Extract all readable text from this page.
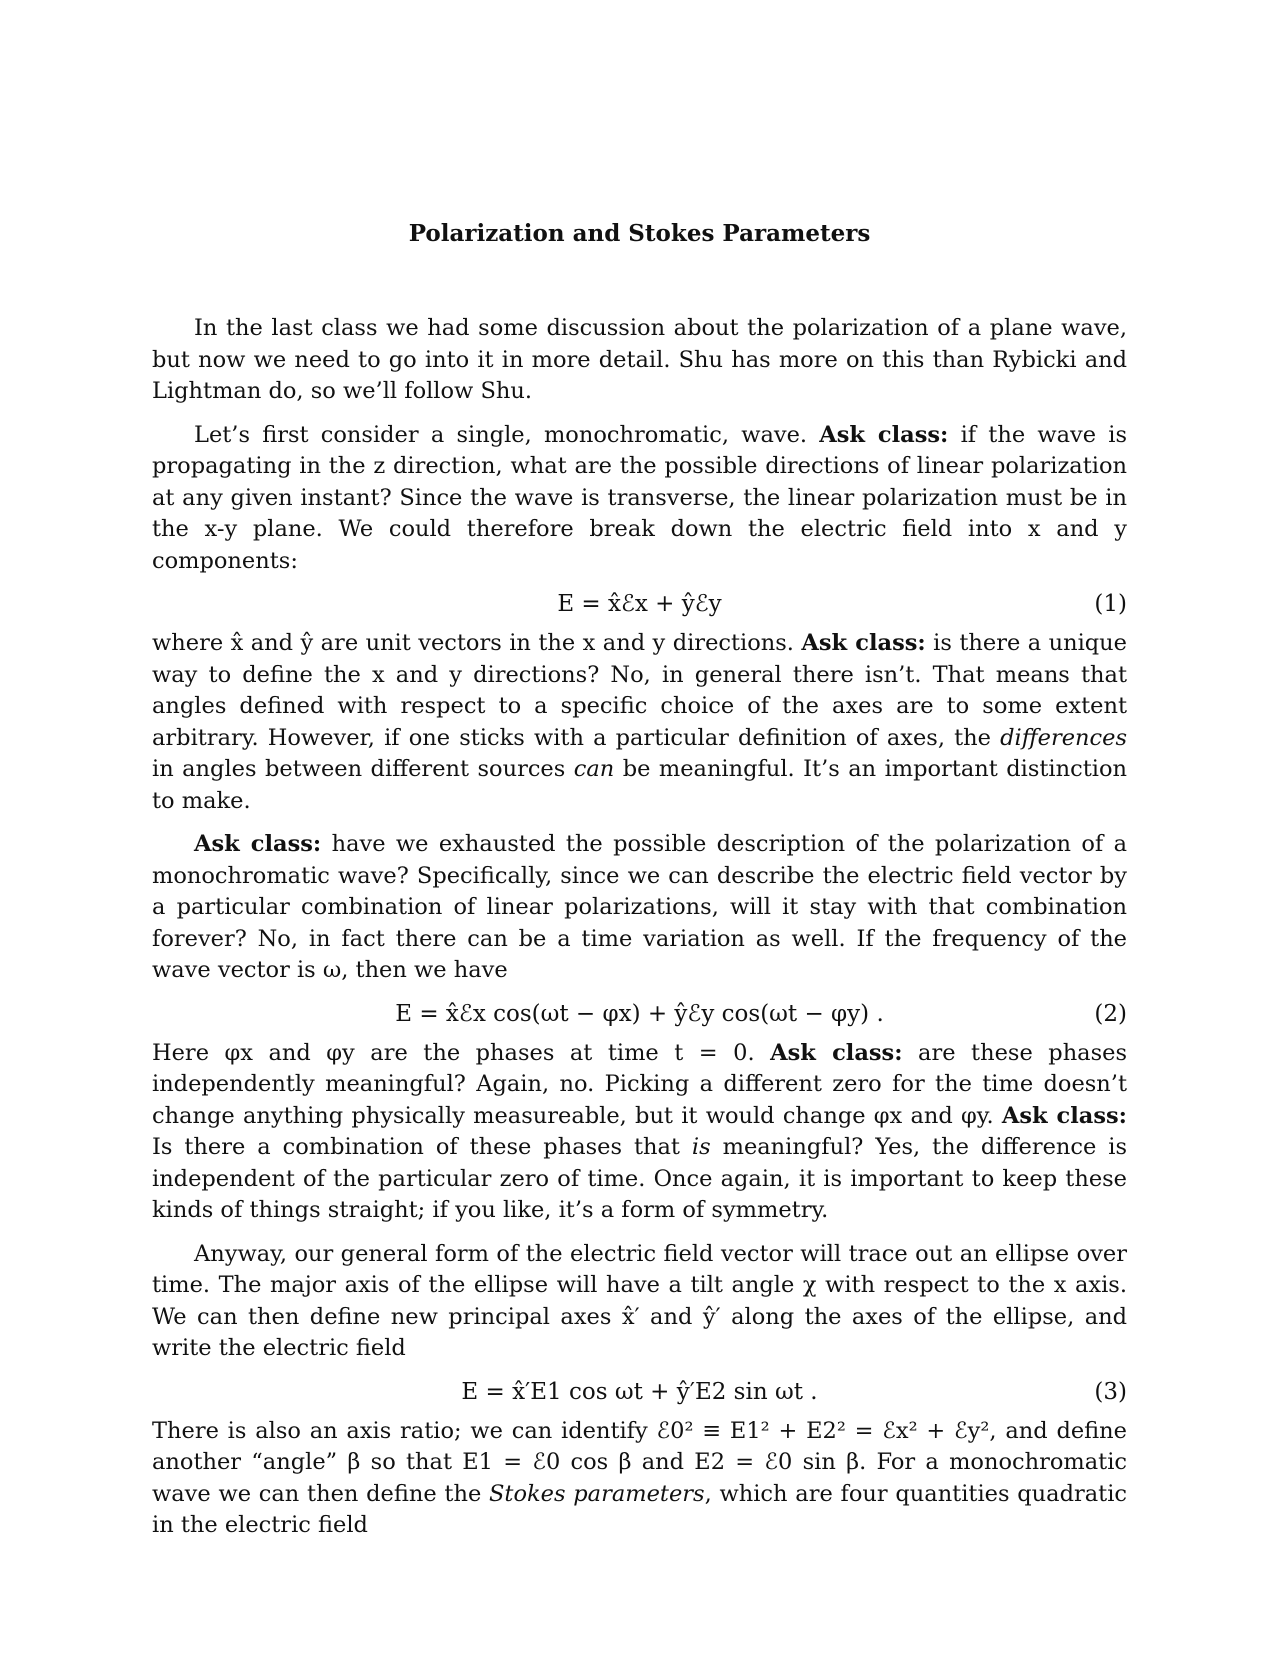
Polarization and Stokes Parameters

In the last class we had some discussion about the polarization of a plane wave, but now we need to go into it in more detail. Shu has more on this than Rybicki and Lightman do, so we’ll follow Shu.

Let’s first consider a single, monochromatic, wave. Ask class: if the wave is propagating in the z direction, what are the possible directions of linear polarization at any given instant? Since the wave is transverse, the linear polarization must be in the x-y plane. We could therefore break down the electric field into x and y components:

E = x̂ℰx + ŷℰy	(1)

where x̂ and ŷ are unit vectors in the x and y directions. Ask class: is there a unique way to define the x and y directions? No, in general there isn’t. That means that angles defined with respect to a specific choice of the axes are to some extent arbitrary. However, if one sticks with a particular definition of axes, the differences in angles between different sources can be meaningful. It’s an important distinction to make.

Ask class: have we exhausted the possible description of the polarization of a monochromatic wave? Specifically, since we can describe the electric field vector by a particular combination of linear polarizations, will it stay with that combination forever? No, in fact there can be a time variation as well. If the frequency of the wave vector is ω, then we have

E = x̂ℰx cos(ωt − φx) + ŷℰy cos(ωt − φy) .	(2)

Here φx and φy are the phases at time t = 0. Ask class: are these phases independently meaningful? Again, no. Picking a different zero for the time doesn’t change anything physically measureable, but it would change φx and φy. Ask class: Is there a combination of these phases that is meaningful? Yes, the difference is independent of the particular zero of time. Once again, it is important to keep these kinds of things straight; if you like, it’s a form of symmetry.

Anyway, our general form of the electric field vector will trace out an ellipse over time. The major axis of the ellipse will have a tilt angle χ with respect to the x axis. We can then define new principal axes x̂′ and ŷ′ along the axes of the ellipse, and write the electric field

E = x̂′E1 cos ωt + ŷ′E2 sin ωt .	(3)

There is also an axis ratio; we can identify ℰ0² ≡ E1² + E2² = ℰx² + ℰy², and define another “angle” β so that E1 = ℰ0 cos β and E2 = ℰ0 sin β. For a monochromatic wave we can then define the Stokes parameters, which are four quantities quadratic in the electric field
